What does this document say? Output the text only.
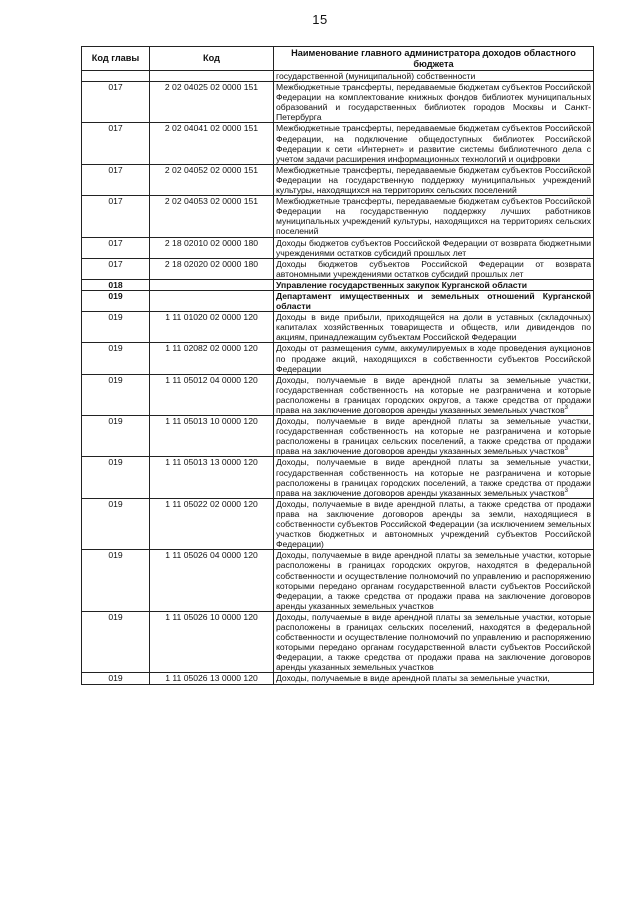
15
Код главы	Код	Наименование главного администратора доходов областного бюджета
		государственной (муниципальной) собственности
017	2 02 04025 02 0000 151	Межбюджетные трансферты, передаваемые бюджетам субъектов Российской Федерации на комплектование книжных фондов библиотек муниципальных образований и государственных библиотек городов Москвы и Санкт-Петербурга
017	2 02 04041 02 0000 151	Межбюджетные трансферты, передаваемые бюджетам субъектов Российской Федерации, на подключение общедоступных библиотек Российской Федерации к сети «Интернет» и развитие системы библиотечного дела с учетом задачи расширения информационных технологий и оцифровки
017	2 02 04052 02 0000 151	Межбюджетные трансферты, передаваемые бюджетам субъектов Российской Федерации на государственную поддержку муниципальных учреждений культуры, находящихся на территориях сельских поселений
017	2 02 04053 02 0000 151	Межбюджетные трансферты, передаваемые бюджетам субъектов Российской Федерации на государственную поддержку лучших работников муниципальных учреждений культуры, находящихся на территориях сельских поселений
017	2 18 02010 02 0000 180	Доходы бюджетов субъектов Российской Федерации от возврата бюджетными учреждениями остатков субсидий прошлых лет
017	2 18 02020 02 0000 180	Доходы бюджетов субъектов Российской Федерации от возврата автономными учреждениями остатков субсидий прошлых лет
018		Управление государственных закупок Курганской области
019		Департамент имущественных и земельных отношений Курганской области
019	1 11 01020 02 0000 120	Доходы в виде прибыли, приходящейся на доли в уставных (складочных) капиталах хозяйственных товариществ и обществ, или дивидендов по акциям, принадлежащим субъектам Российской Федерации
019	1 11 02082 02 0000 120	Доходы от размещения сумм, аккумулируемых в ходе проведения аукционов по продаже акций, находящихся в собственности субъектов Российской Федерации
019	1 11 05012 04 0000 120	Доходы, получаемые в виде арендной платы за земельные участки, государственная собственность на которые не разграничена и которые расположены в границах городских округов, а также средства от продажи права на заключение договоров аренды указанных земельных участков$^3$
019	1 11 05013 10 0000 120	Доходы, получаемые в виде арендной платы за земельные участки, государственная собственность на которые не разграничена и которые расположены в границах сельских поселений, а также средства от продажи права на заключение договоров аренды указанных земельных участков$^3$
019	1 11 05013 13 0000 120	Доходы, получаемые в виде арендной платы за земельные участки, государственная собственность на которые не разграничена и которые расположены в границах городских поселений, а также средства от продажи права на заключение договоров аренды указанных земельных участков$^3$
019	1 11 05022 02 0000 120	Доходы, получаемые в виде арендной платы, а также средства от продажи права на заключение договоров аренды за земли, находящиеся в собственности субъектов Российской Федерации (за исключением земельных участков бюджетных и автономных учреждений субъектов Российской Федерации)
019	1 11 05026 04 0000 120	Доходы, получаемые в виде арендной платы за земельные участки, которые расположены в границах городских округов, находятся в федеральной собственности и осуществление полномочий по управлению и распоряжению которыми передано органам государственной власти субъектов Российской Федерации, а также средства от продажи права на заключение договоров аренды указанных земельных участков
019	1 11 05026 10 0000 120	Доходы, получаемые в виде арендной платы за земельные участки, которые расположены в границах сельских поселений, находятся в федеральной собственности и осуществление полномочий по управлению и распоряжению которыми передано органам государственной власти субъектов Российской Федерации, а также средства от продажи права на заключение договоров аренды указанных земельных участков
019	1 11 05026 13 0000 120	Доходы, получаемые в виде арендной платы за земельные участки,
